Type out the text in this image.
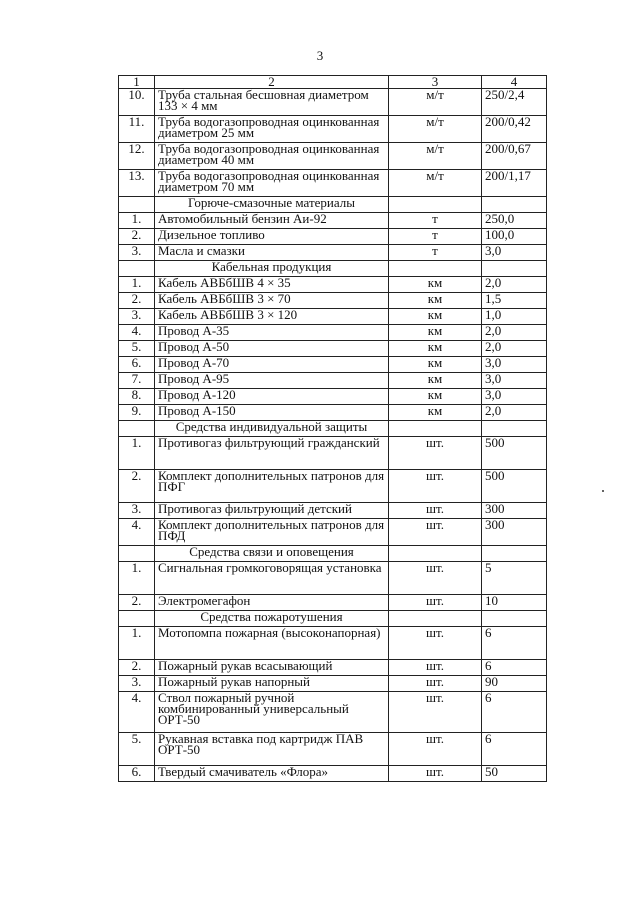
3
1	2	3	4
10.	Труба стальная бесшовная диаметром 133 × 4 мм	м/т	250/2,4
11.	Труба водогазопроводная оцинкованная диаметром 25 мм	м/т	200/0,42
12.	Труба водогазопроводная оцинкованная диаметром 40 мм	м/т	200/0,67
13.	Труба водогазопроводная оцинкованная диаметром 70 мм	м/т	200/1,17
	Горюче-смазочные материалы		
1.	Автомобильный бензин Аи-92	т	250,0
2.	Дизельное топливо	т	100,0
3.	Масла и смазки	т	3,0
	Кабельная продукция		
1.	Кабель АВБбШВ 4 × 35	км	2,0
2.	Кабель АВБбШВ 3 × 70	км	1,5
3.	Кабель АВБбШВ 3 × 120	км	1,0
4.	Провод А-35	км	2,0
5.	Провод А-50	км	2,0
6.	Провод А-70	км	3,0
7.	Провод А-95	км	3,0
8.	Провод А-120	км	3,0
9.	Провод А-150	км	2,0
	Средства индивидуальной защиты		
1.	Противогаз фильтрующий гражданский	шт.	500
2.	Комплект дополнительных патронов для ПФГ	шт.	500
3.	Противогаз фильтрующий детский	шт.	300
4.	Комплект дополнительных патронов для ПФД	шт.	300
	Средства связи и оповещения		
1.	Сигнальная громкоговорящая установка	шт.	5
2.	Электромегафон	шт.	10
	Средства пожаротушения		
1.	Мотопомпа пожарная (высоконапорная)	шт.	6
2.	Пожарный рукав всасывающий	шт.	6
3.	Пожарный рукав напорный	шт.	90
4.	Ствол пожарный ручной комбинированный универсальный ОРТ-50	шт.	6
5.	Рукавная вставка под картридж ПАВ ОРТ-50	шт.	6
6.	Твердый смачиватель «Флора»	шт.	50
